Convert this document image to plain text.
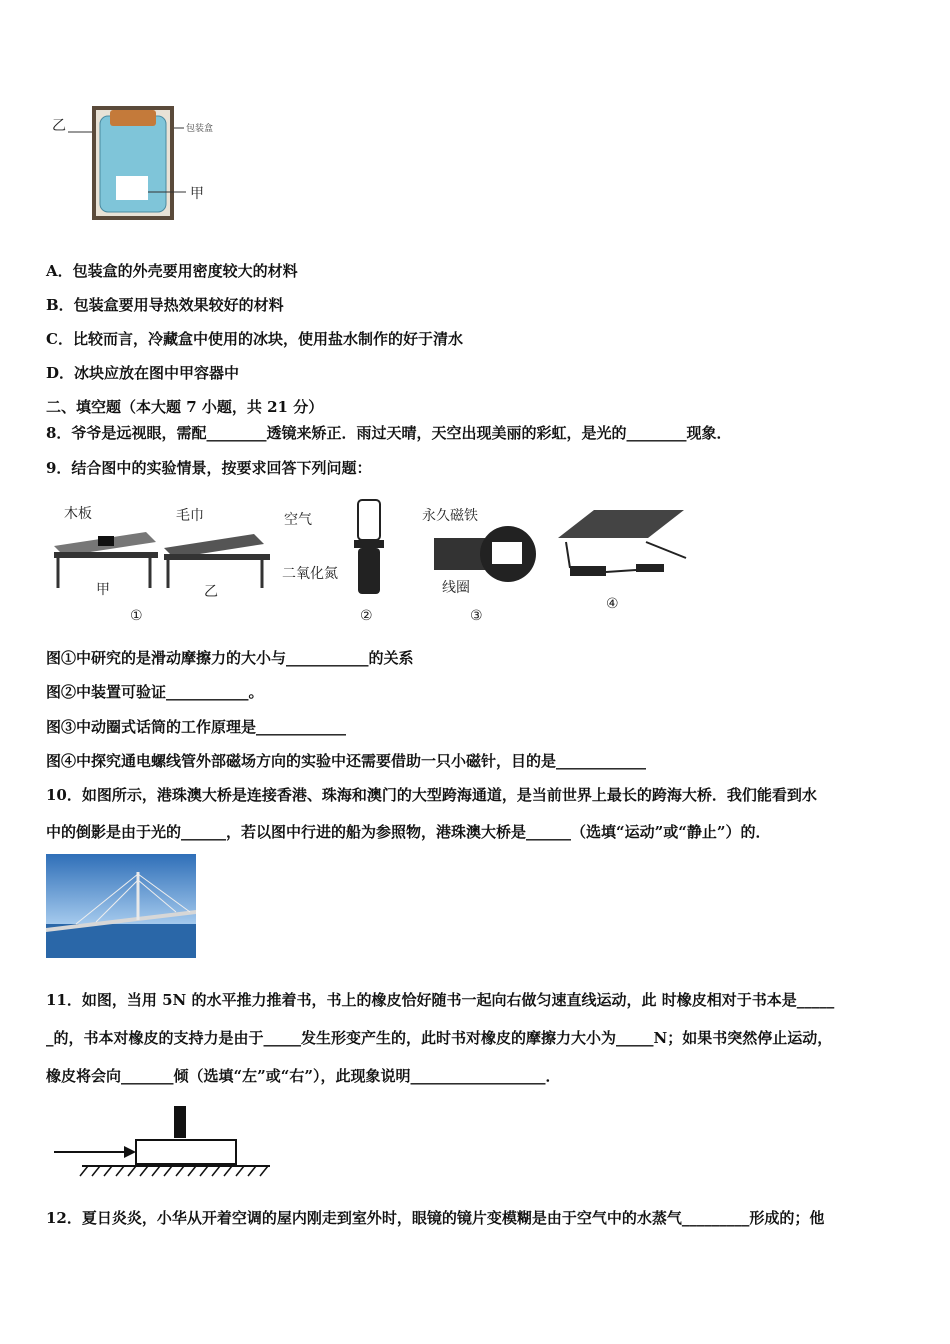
乙
甲
包装盒
A．包装盒的外壳要用密度较大的材料
B．包装盒要用导热效果较好的材料
C．比较而言，冷藏盒中使用的冰块，使用盐水制作的好于清水
D．冰块应放在图中甲容器中
二、填空题（本大题 7 小题，共 21 分）
8．爷爷是远视眼，需配________透镜来矫正．雨过天晴，天空出现美丽的彩虹，是光的________现象．
9．结合图中的实验情景，按要求回答下列问题：
木板
甲
毛巾
乙
①
空气
二氧化氮
②
永久磁铁
线圈
③
④
图①中研究的是滑动摩擦力的大小与___________的关系
图②中装置可验证___________。
图③中动圈式话筒的工作原理是____________
图④中探究通电螺线管外部磁场方向的实验中还需要借助一只小磁针，目的是____________
10．如图所示，港珠澳大桥是连接香港、珠海和澳门的大型跨海通道，是当前世界上最长的跨海大桥．我们能看到水
中的倒影是由于光的______，若以图中行进的船为参照物，港珠澳大桥是______（选填“运动”或“静止”）的．
11．如图，当用 5N 的水平推力推着书，书上的橡皮恰好随书一起向右做匀速直线运动，此 时橡皮相对于书本是_____
_的，书本对橡皮的支持力是由于_____发生形变产生的，此时书对橡皮的摩擦力大小为_____N；如果书突然停止运动，
橡皮将会向_______倾（选填“左”或“右”），此现象说明__________________．
12．夏日炎炎，小华从开着空调的屋内刚走到室外时，眼镜的镜片变模糊是由于空气中的水蒸气_________形成的；他
